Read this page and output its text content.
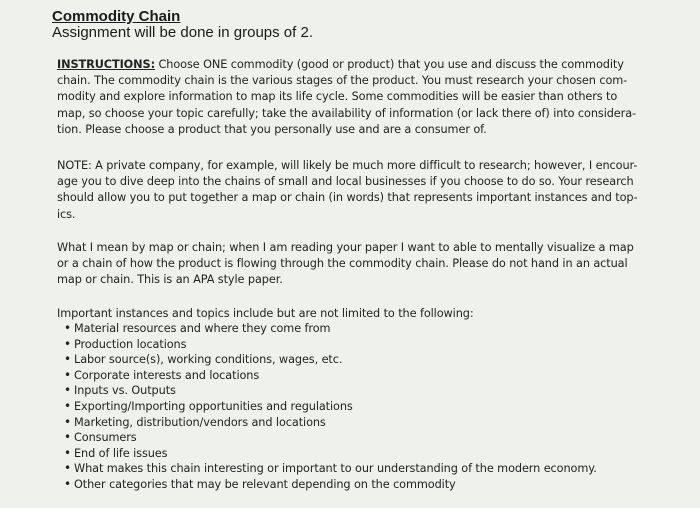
Commodity Chain
Assignment will be done in groups of 2.
INSTRUCTIONS: Choose ONE commodity (good or product) that you use and discuss the commodity
chain. The commodity chain is the various stages of the product. You must research your chosen com-
modity and explore information to map its life cycle. Some commodities will be easier than others to
map, so choose your topic carefully; take the availability of information (or lack there of) into considera-
tion. Please choose a product that you personally use and are a consumer of.
NOTE: A private company, for example, will likely be much more difficult to research; however, I encour-
age you to dive deep into the chains of small and local businesses if you choose to do so. Your research
should allow you to put together a map or chain (in words) that represents important instances and top-
ics.
What I mean by map or chain; when I am reading your paper I want to able to mentally visualize a map
or a chain of how the product is flowing through the commodity chain. Please do not hand in an actual
map or chain. This is an APA style paper.
Important instances and topics include but are not limited to the following:
• Material resources and where they come from
• Production locations
• Labor source(s), working conditions, wages, etc.
• Corporate interests and locations
• Inputs vs. Outputs
• Exporting/Importing opportunities and regulations
• Marketing, distribution/vendors and locations
• Consumers
• End of life issues
• What makes this chain interesting or important to our understanding of the modern economy.
• Other categories that may be relevant depending on the commodity
